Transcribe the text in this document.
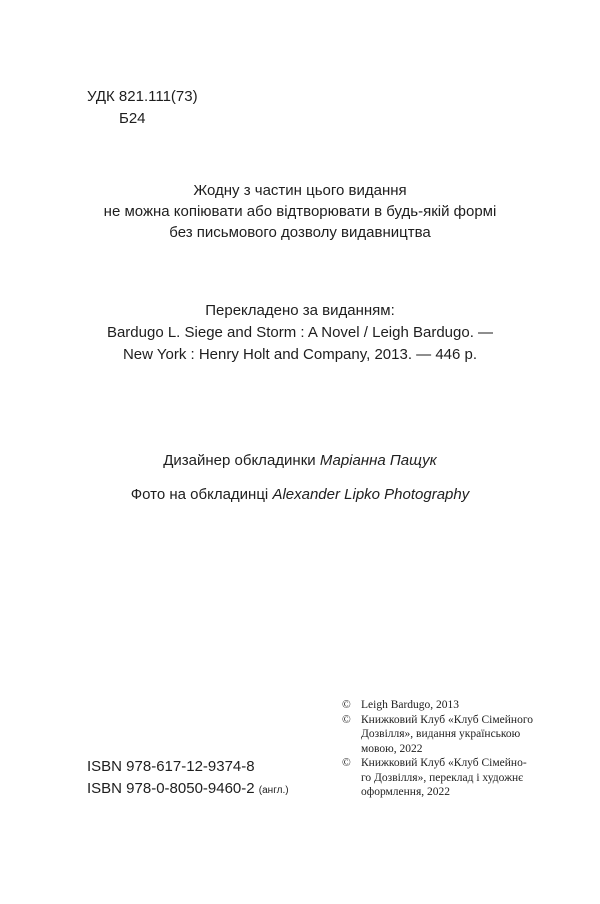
УДК 821.111(73)
Б24
Жодну з частин цього видання
не можна копіювати або відтворювати в будь-якій формі
без письмового дозволу видавництва
Перекладено за виданням:
Bardugo L. Siege and Storm : A Novel / Leigh Bardugo. —
New York : Henry Holt and Company, 2013. — 446 p.
Дизайнер обкладинки Маріанна Пащук
Фото на обкладинці Alexander Lipko Photography
ISBN 978-617-12-9374-8
ISBN 978-0-8050-9460-2 (англ.)
© Leigh Bardugo, 2013
© Книжковий Клуб «Клуб Сімейного
Дозвілля», видання українською
мовою, 2022
© Книжковий Клуб «Клуб Сімейно-
го Дозвілля», переклад і художнє
оформлення, 2022
